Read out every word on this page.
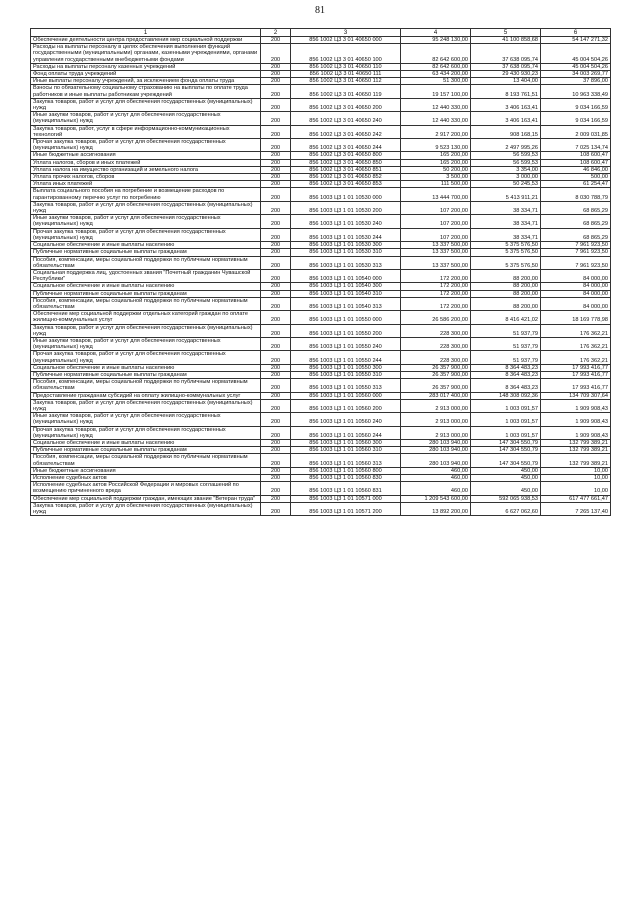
81
1	2	3	4	5	6
Обеспечение деятельности центра предоставления мер социальной поддержки	200	856 1002 Ц3 3 01 40650 000	95 248 130,00	41 100 858,68	54 147 271,32
Расходы на выплаты персоналу в целях обеспечения выполнения функций государственными (муниципальными) органами, казенными учреждениями, органами управления государственными внебюджетными фондами	200	856 1002 Ц3 3 01 40650 100	82 642 600,00	37 638 095,74	45 004 504,26
Расходы на выплаты персоналу казенных учреждений	200	856 1002 Ц3 3 01 40650 110	82 642 600,00	37 638 095,74	45 004 504,26
Фонд оплаты труда учреждений	200	856 1002 Ц3 3 01 40650 111	63 434 200,00	29 430 930,23	34 003 269,77
Иные выплаты персоналу учреждений, за исключением фонда оплаты труда	200	856 1002 Ц3 3 01 40650 112	51 300,00	13 404,00	37 896,00
Взносы по обязательному социальному страхованию на выплаты по оплате труда работников и иные выплаты работникам учреждений	200	856 1002 Ц3 3 01 40650 119	19 157 100,00	8 193 761,51	10 963 338,49
Закупка товаров, работ и услуг для обеспечения государственных (муниципальных) нужд	200	856 1002 Ц3 3 01 40650 200	12 440 330,00	3 406 163,41	9 034 166,59
Иные закупки товаров, работ и услуг для обеспечения государственных (муниципальных) нужд	200	856 1002 Ц3 3 01 40650 240	12 440 330,00	3 406 163,41	9 034 166,59
Закупка товаров, работ, услуг в сфере информационно-коммуникационных технологий	200	856 1002 Ц3 3 01 40650 242	2 917 200,00	908 168,15	2 009 031,85
Прочая закупка товаров, работ и услуг для обеспечения государственных (муниципальных) нужд	200	856 1002 Ц3 3 01 40650 244	9 523 130,00	2 497 995,26	7 025 134,74
Иные бюджетные ассигнования	200	856 1002 Ц3 3 01 40650 800	165 200,00	56 599,53	108 600,47
Уплата налогов, сборов и иных платежей	200	856 1002 Ц3 3 01 40650 850	165 200,00	56 599,53	108 600,47
Уплата налога на имущество организаций и земельного налога	200	856 1002 Ц3 3 01 40650 851	50 200,00	3 354,00	46 846,00
Уплата прочих налогов, сборов	200	856 1002 Ц3 3 01 40650 852	3 500,00	3 000,00	500,00
Уплата иных платежей	200	856 1002 Ц3 3 01 40650 853	111 500,00	50 245,53	61 254,47
Выплата социального пособия на погребение и возмещение расходов по гарантированному перечню услуг по погребению	200	856 1003 Ц3 1 01 10530 000	13 444 700,00	5 413 911,21	8 030 788,79
Закупка товаров, работ и услуг для обеспечения государственных (муниципальных) нужд	200	856 1003 Ц3 1 01 10530 200	107 200,00	38 334,71	68 865,29
Иные закупки товаров, работ и услуг для обеспечения государственных (муниципальных) нужд	200	856 1003 Ц3 1 01 10530 240	107 200,00	38 334,71	68 865,29
Прочая закупка товаров, работ и услуг для обеспечения государственных (муниципальных) нужд	200	856 1003 Ц3 1 01 10530 244	107 200,00	38 334,71	68 865,29
Социальное обеспечение и иные выплаты населению	200	856 1003 Ц3 1 01 10530 300	13 337 500,00	5 375 576,50	7 961 923,50
Публичные нормативные социальные выплаты гражданам	200	856 1003 Ц3 1 01 10530 310	13 337 500,00	5 375 576,50	7 961 923,50
Пособия, компенсации, меры социальной поддержки по публичным нормативным обязательствам	200	856 1003 Ц3 1 01 10530 313	13 337 500,00	5 375 576,50	7 961 923,50
Социальная поддержка лиц, удостоенных звания "Почетный гражданин Чувашской Республики"	200	856 1003 Ц3 1 01 10540 000	172 200,00	88 200,00	84 000,00
Социальное обеспечение и иные выплаты населению	200	856 1003 Ц3 1 01 10540 300	172 200,00	88 200,00	84 000,00
Публичные нормативные социальные выплаты гражданам	200	856 1003 Ц3 1 01 10540 310	172 200,00	88 200,00	84 000,00
Пособия, компенсации, меры социальной поддержки по публичным нормативным обязательствам	200	856 1003 Ц3 1 01 10540 313	172 200,00	88 200,00	84 000,00
Обеспечение мер социальной поддержки отдельных категорий граждан по оплате жилищно-коммунальных услуг	200	856 1003 Ц3 1 01 10550 000	26 586 200,00	8 416 421,02	18 169 778,98
Закупка товаров, работ и услуг для обеспечения государственных (муниципальных) нужд	200	856 1003 Ц3 1 01 10550 200	228 300,00	51 937,79	176 362,21
Иные закупки товаров, работ и услуг для обеспечения государственных (муниципальных) нужд	200	856 1003 Ц3 1 01 10550 240	228 300,00	51 937,79	176 362,21
Прочая закупка товаров, работ и услуг для обеспечения государственных (муниципальных) нужд	200	856 1003 Ц3 1 01 10550 244	228 300,00	51 937,79	176 362,21
Социальное обеспечение и иные выплаты населению	200	856 1003 Ц3 1 01 10550 300	26 357 900,00	8 364 483,23	17 993 416,77
Публичные нормативные социальные выплаты гражданам	200	856 1003 Ц3 1 01 10550 310	26 357 900,00	8 364 483,23	17 993 416,77
Пособия, компенсации, меры социальной поддержки по публичным нормативным обязательствам	200	856 1003 Ц3 1 01 10550 313	26 357 900,00	8 364 483,23	17 993 416,77
Предоставление гражданам субсидий на оплату жилищно-коммунальных услуг	200	856 1003 Ц3 1 01 10560 000	283 017 400,00	148 308 092,36	134 709 307,64
Закупка товаров, работ и услуг для обеспечения государственных (муниципальных) нужд	200	856 1003 Ц3 1 01 10560 200	2 913 000,00	1 003 091,57	1 909 908,43
Иные закупки товаров, работ и услуг для обеспечения государственных (муниципальных) нужд	200	856 1003 Ц3 1 01 10560 240	2 913 000,00	1 003 091,57	1 909 908,43
Прочая закупка товаров, работ и услуг для обеспечения государственных (муниципальных) нужд	200	856 1003 Ц3 1 01 10560 244	2 913 000,00	1 003 091,57	1 909 908,43
Социальное обеспечение и иные выплаты населению	200	856 1003 Ц3 1 01 10560 300	280 103 940,00	147 304 550,79	132 799 389,21
Публичные нормативные социальные выплаты гражданам	200	856 1003 Ц3 1 01 10560 310	280 103 940,00	147 304 550,79	132 799 389,21
Пособия, компенсации, меры социальной поддержки по публичным нормативным обязательствам	200	856 1003 Ц3 1 01 10560 313	280 103 940,00	147 304 550,79	132 799 389,21
Иные бюджетные ассигнования	200	856 1003 Ц3 1 01 10560 800	460,00	450,00	10,00
Исполнение судебных актов	200	856 1003 Ц3 1 01 10560 830	460,00	450,00	10,00
Исполнение судебных актов Российской Федерации и мировых соглашений по возмещению причиненного вреда	200	856 1003 Ц3 1 01 10560 831	460,00	450,00	10,00
Обеспечение мер социальной поддержки граждан, имеющих звание "Ветеран труда"	200	856 1003 Ц3 1 01 10571 000	1 209 543 600,00	592 065 938,53	617 477 661,47
Закупка товаров, работ и услуг для обеспечения государственных (муниципальных) нужд	200	856 1003 Ц3 1 01 10571 200	13 892 200,00	6 627 062,60	7 265 137,40
